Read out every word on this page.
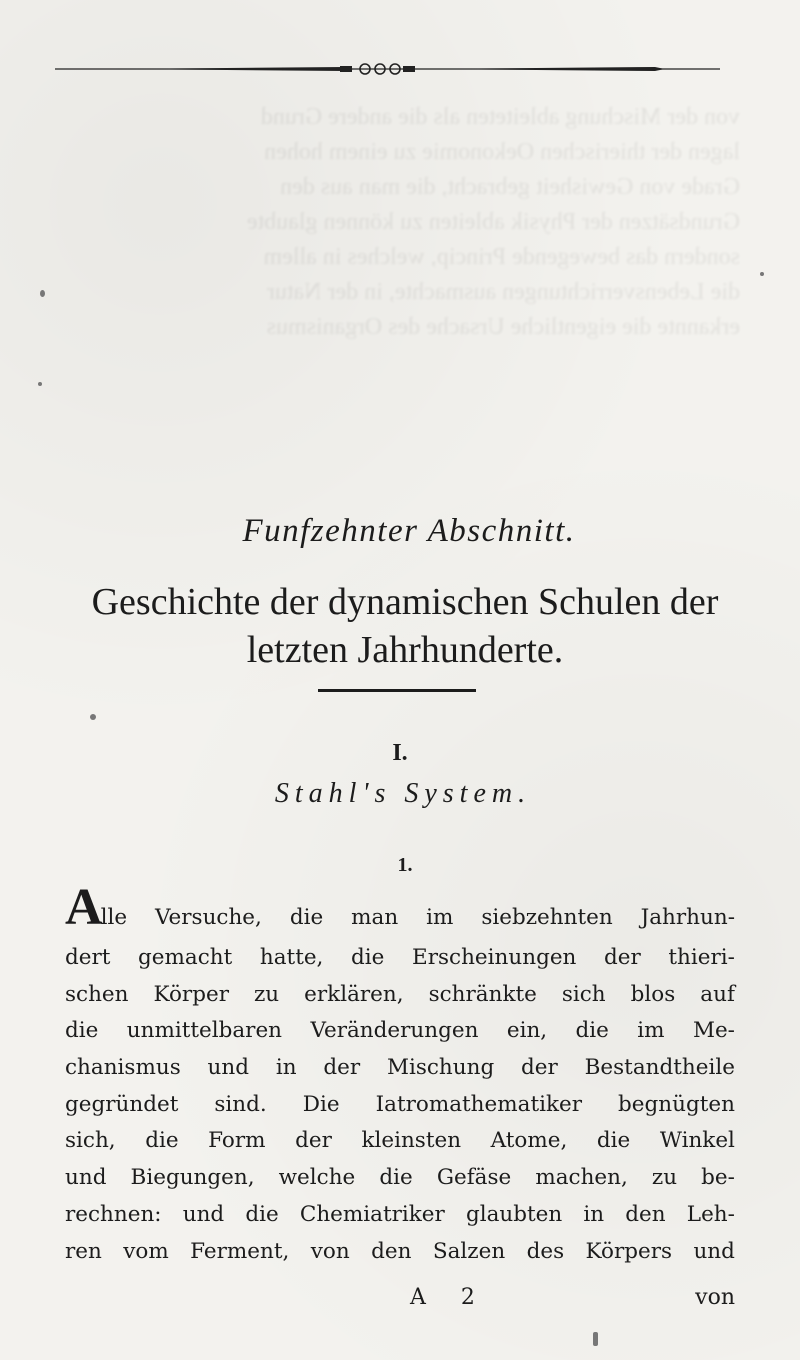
von der Mischung ableiteten als die andere Grund
lagen der thierischen Oekonomie zu einem hohen
Grade von Gewisheit gebracht, die man aus den
Grundsätzen der Physik ableiten zu können glaubte
sondern das bewegende Princip, welches in allem
die Lebensverrichtungen ausmachte, in der Natur
erkannte die eigentliche Ursache des Organismus
Funfzehnter Abschnitt.
Geschichte der dynamischen Schulen der
letzten Jahrhunderte.
I.
Stahl's System.
1.
Alle Versuche, die man im siebzehnten Jahrhun-
dert gemacht hatte, die Erscheinungen der thieri-
schen Körper zu erklären, schränkte sich blos auf
die unmittelbaren Veränderungen ein, die im Me-
chanismus und in der Mischung der Bestandtheile
gegründet sind. Die Iatromathematiker begnügten
sich, die Form der kleinsten Atome, die Winkel
und Biegungen, welche die Gefäse machen, zu be-
rechnen: und die Chemiatriker glaubten in den Leh-
ren vom Ferment, von den Salzen des Körpers und
A 2	von
